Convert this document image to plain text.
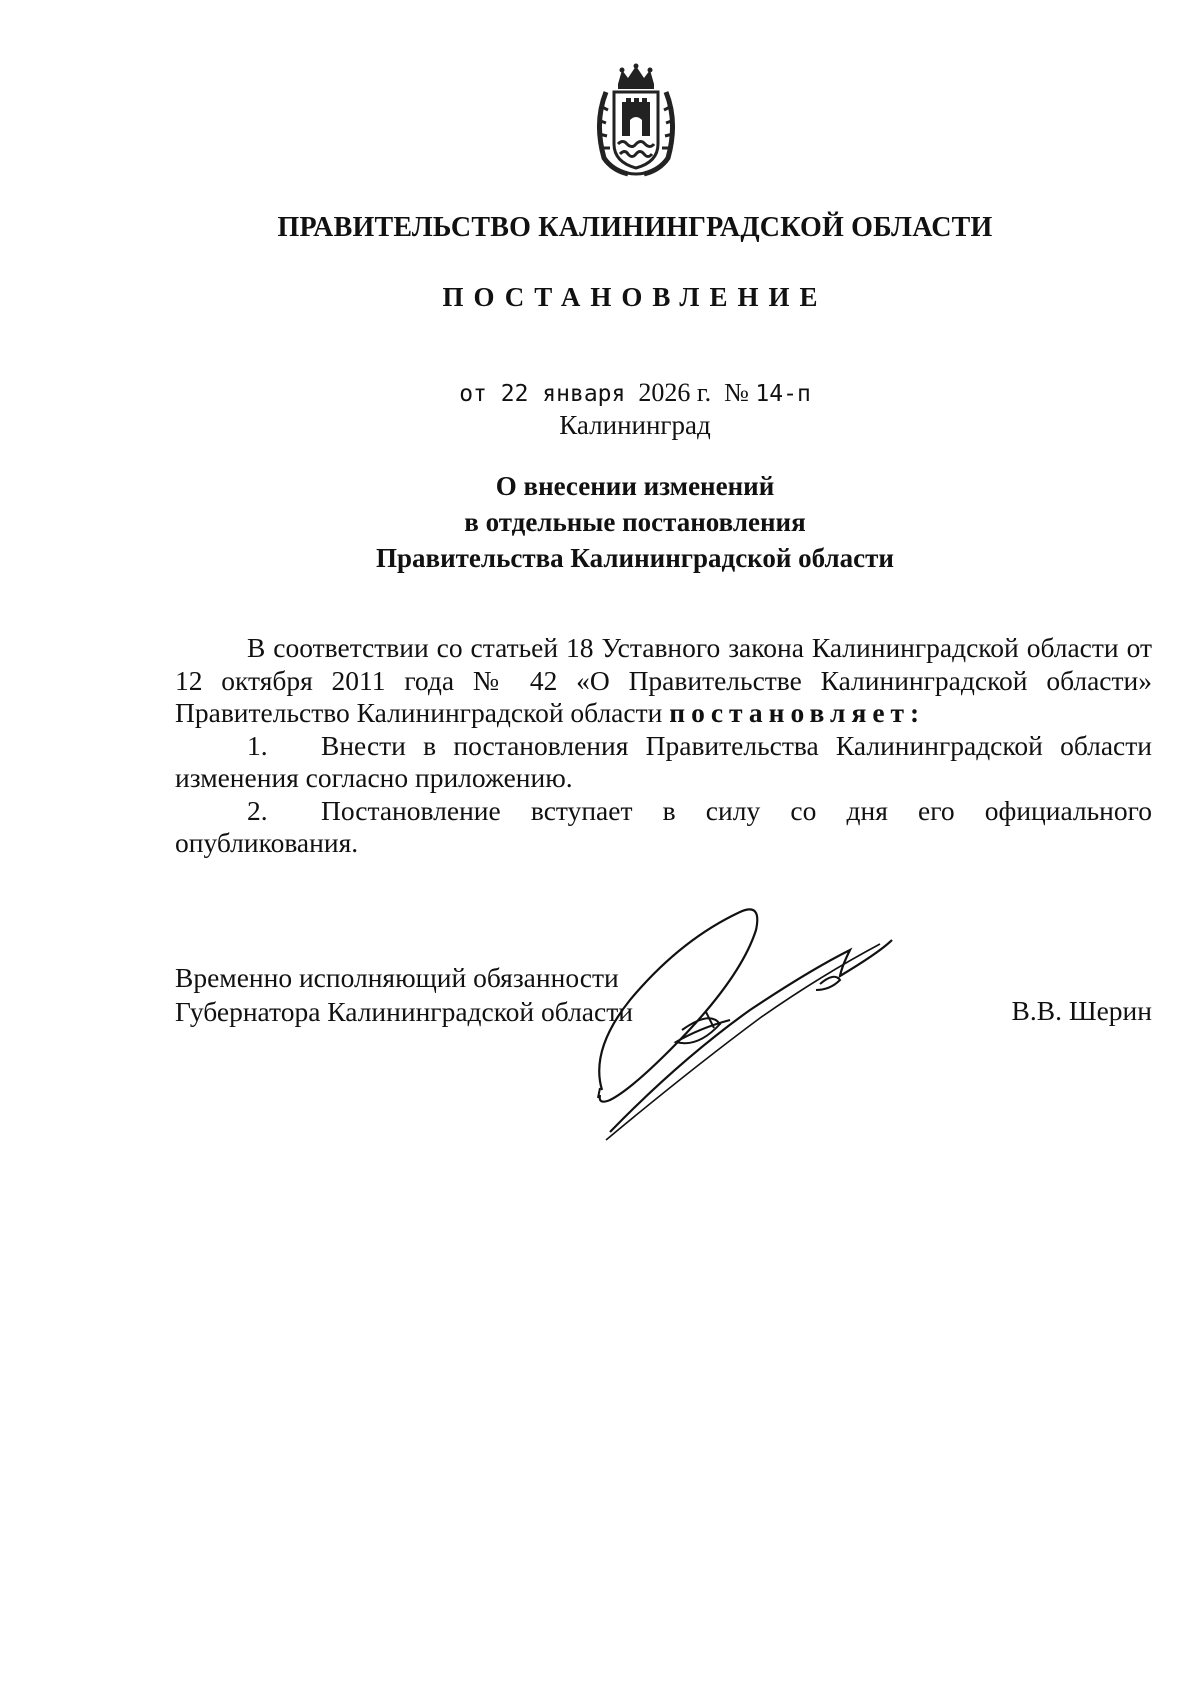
ПРАВИТЕЛЬСТВО КАЛИНИНГРАДСКОЙ ОБЛАСТИ
ПОСТАНОВЛЕНИЕ
от 22 января 2026 г. № 14-п
Калининград
О внесении изменений
в отдельные постановления
Правительства Калининградской области

В соответствии со статьей 18 Уставного закона Калининградской области от 12 октября 2011 года № 42 «О Правительстве Калининградской области» Правительство Калининградской области постановляет:

1. Внести в постановления Правительства Калининградской области изменения согласно приложению.

2. Постановление вступает в силу со дня его официального опубликования.

Временно исполняющий обязанности
Губернатора Калининградской области	В.В. Шерин
